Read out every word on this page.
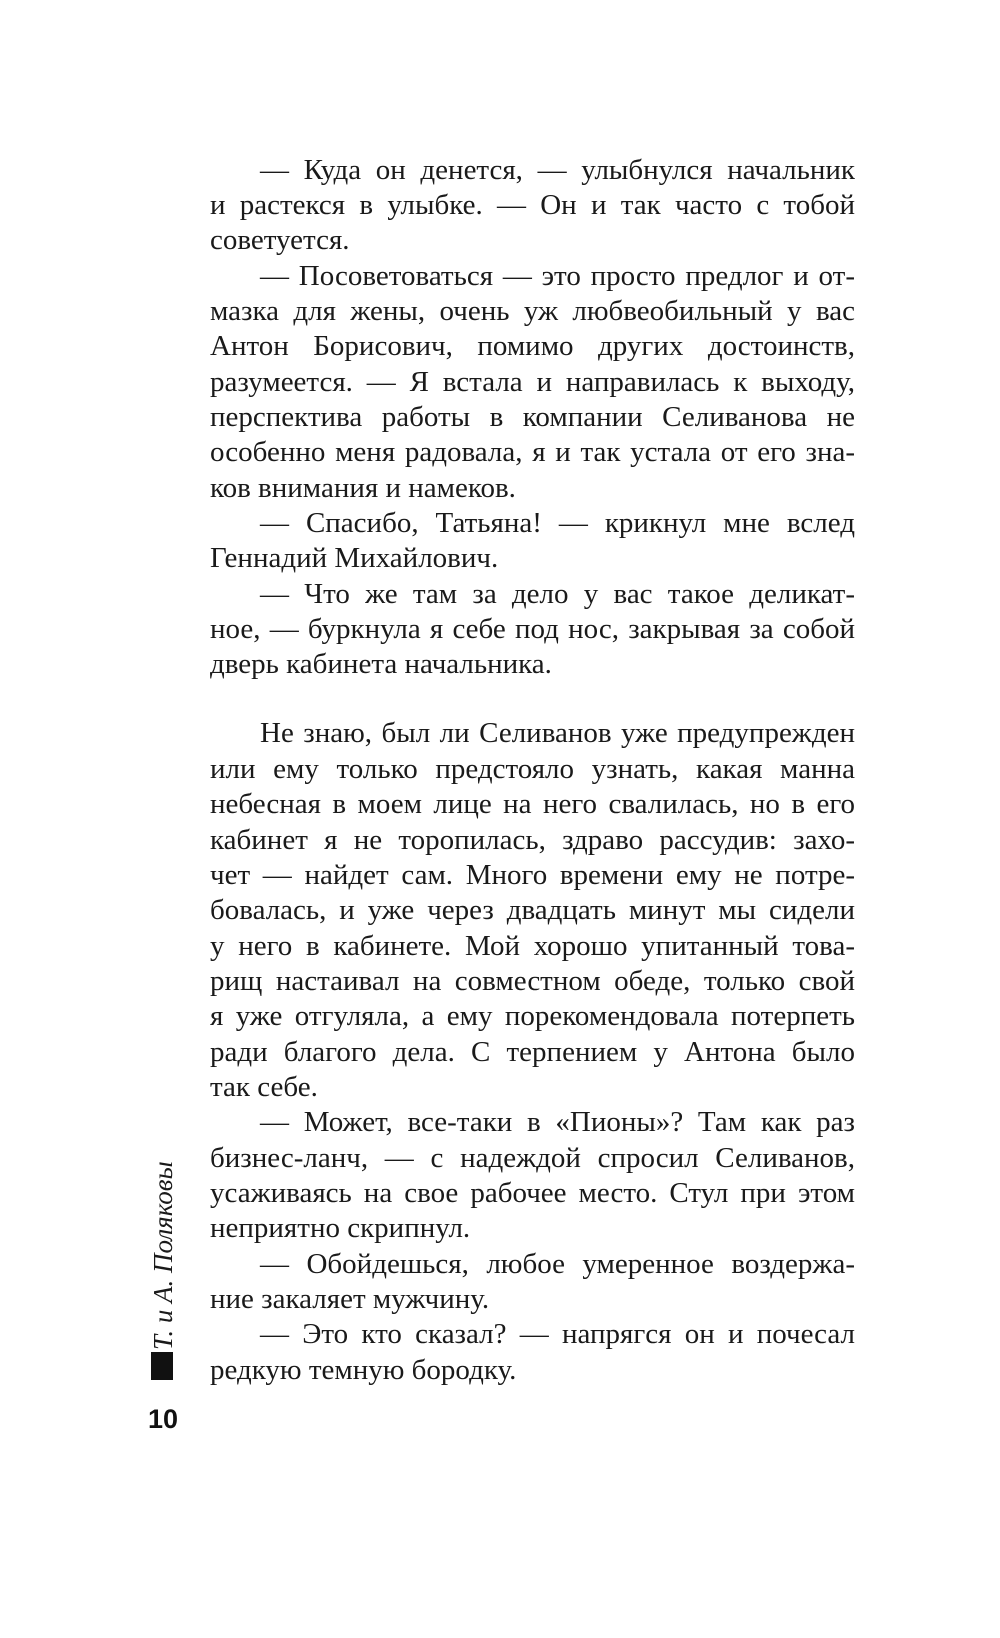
— Куда он денется, — улыбнулся начальник
и растекся в улыбке. — Он и так часто с тобой
советуется.
— Посоветоваться — это просто предлог и от-
мазка для жены, очень уж любвеобильный у вас
Антон Борисович, помимо других достоинств,
разумеется. — Я встала и направилась к выходу,
перспектива работы в компании Селиванова не
особенно меня радовала, я и так устала от его зна-
ков внимания и намеков.
— Спасибо, Татьяна! — крикнул мне вслед
Геннадий Михайлович.
— Что же там за дело у вас такое деликат-
ное, — буркнула я себе под нос, закрывая за собой
дверь кабинета начальника.
Не знаю, был ли Селиванов уже предупрежден
или ему только предстояло узнать, какая манна
небесная в моем лице на него свалилась, но в его
кабинет я не торопилась, здраво рассудив: захо-
чет — найдет сам. Много времени ему не потре-
бовалась, и уже через двадцать минут мы сидели
у него в кабинете. Мой хорошо упитанный това-
рищ настаивал на совместном обеде, только свой
я уже отгуляла, а ему порекомендовала потерпеть
ради благого дела. С терпением у Антона было
так себе.
— Может, все-таки в «Пионы»? Там как раз
бизнес-ланч, — с надеждой спросил Селиванов,
усаживаясь на свое рабочее место. Стул при этом
неприятно скрипнул.
— Обойдешься, любое умеренное воздержа-
ние закаляет мужчину.
— Это кто сказал? — напрягся он и почесал
редкую темную бородку.
Т. и А. Поляковы
10
